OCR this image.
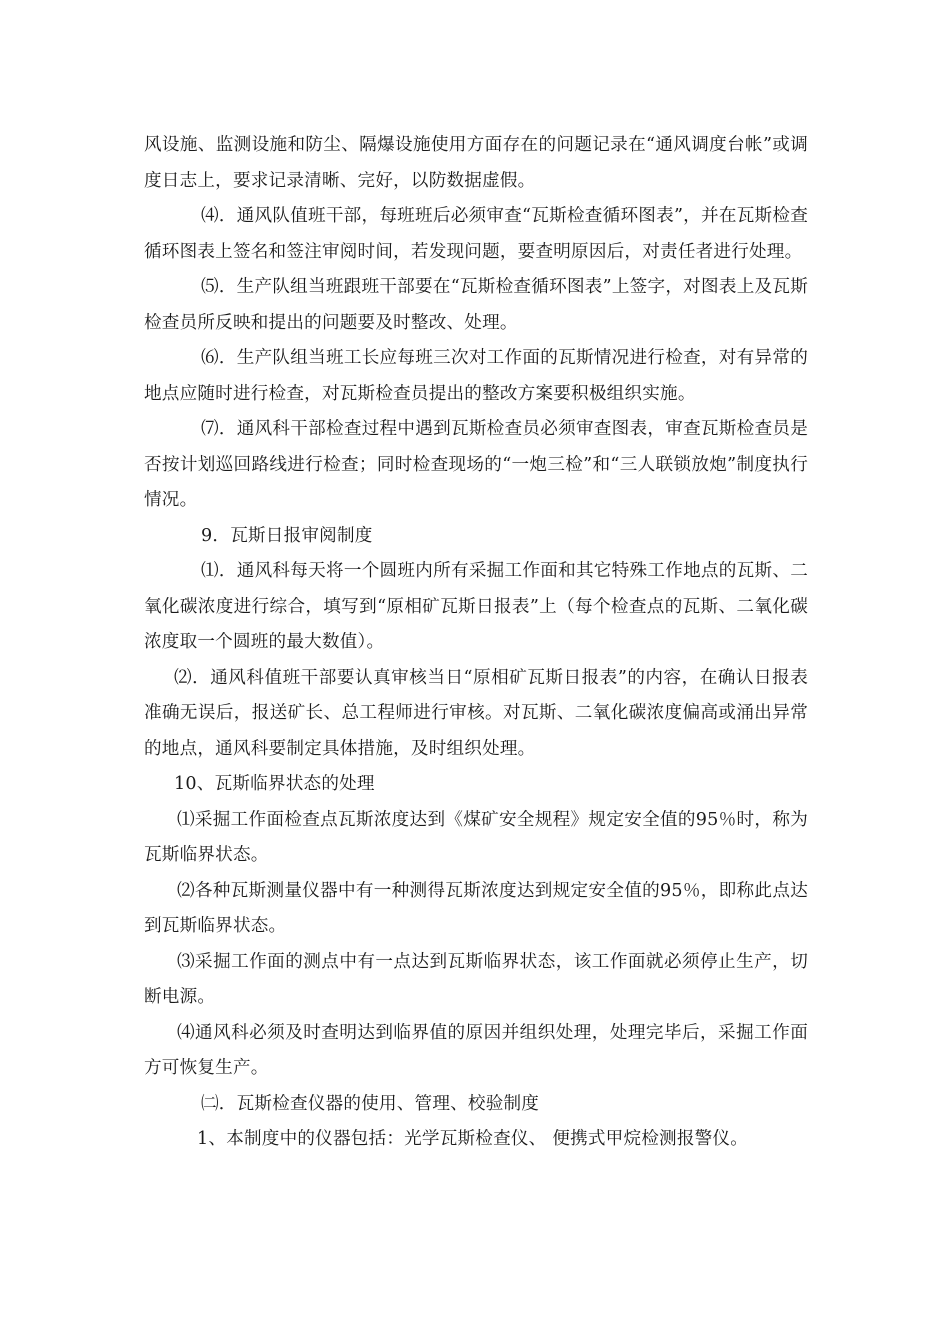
风设施、监测设施和防尘、隔爆设施使用方面存在的问题记录在“通风调度台帐”或调度日志上，要求记录清晰、完好，以防数据虚假。

⑷．通风队值班干部，每班班后必须审查“瓦斯检查循环图表”，并在瓦斯检查循环图表上签名和签注审阅时间，若发现问题，要查明原因后，对责任者进行处理。

⑸．生产队组当班跟班干部要在“瓦斯检查循环图表”上签字，对图表上及瓦斯检查员所反映和提出的问题要及时整改、处理。

⑹．生产队组当班工长应每班三次对工作面的瓦斯情况进行检查，对有异常的地点应随时进行检查，对瓦斯检查员提出的整改方案要积极组织实施。

⑺．通风科干部检查过程中遇到瓦斯检查员必须审查图表，审查瓦斯检查员是否按计划巡回路线进行检查；同时检查现场的“一炮三检”和“三人联锁放炮”制度执行情况。

9．瓦斯日报审阅制度

⑴．通风科每天将一个圆班内所有采掘工作面和其它特殊工作地点的瓦斯、二氧化碳浓度进行综合，填写到“原相矿瓦斯日报表”上（每个检查点的瓦斯、二氧化碳浓度取一个圆班的最大数值）。

⑵．通风科值班干部要认真审核当日“原相矿瓦斯日报表”的内容，在确认日报表准确无误后，报送矿长、总工程师进行审核。对瓦斯、二氧化碳浓度偏高或涌出异常的地点，通风科要制定具体措施，及时组织处理。

10、瓦斯临界状态的处理

⑴采掘工作面检查点瓦斯浓度达到《煤矿安全规程》规定安全值的95％时，称为瓦斯临界状态。

⑵各种瓦斯测量仪器中有一种测得瓦斯浓度达到规定安全值的95％，即称此点达到瓦斯临界状态。

⑶采掘工作面的测点中有一点达到瓦斯临界状态，该工作面就必须停止生产，切断电源。

⑷通风科必须及时查明达到临界值的原因并组织处理，处理完毕后，采掘工作面方可恢复生产。

㈡．瓦斯检查仪器的使用、管理、校验制度

1、本制度中的仪器包括：光学瓦斯检查仪、 便携式甲烷检测报警仪。
